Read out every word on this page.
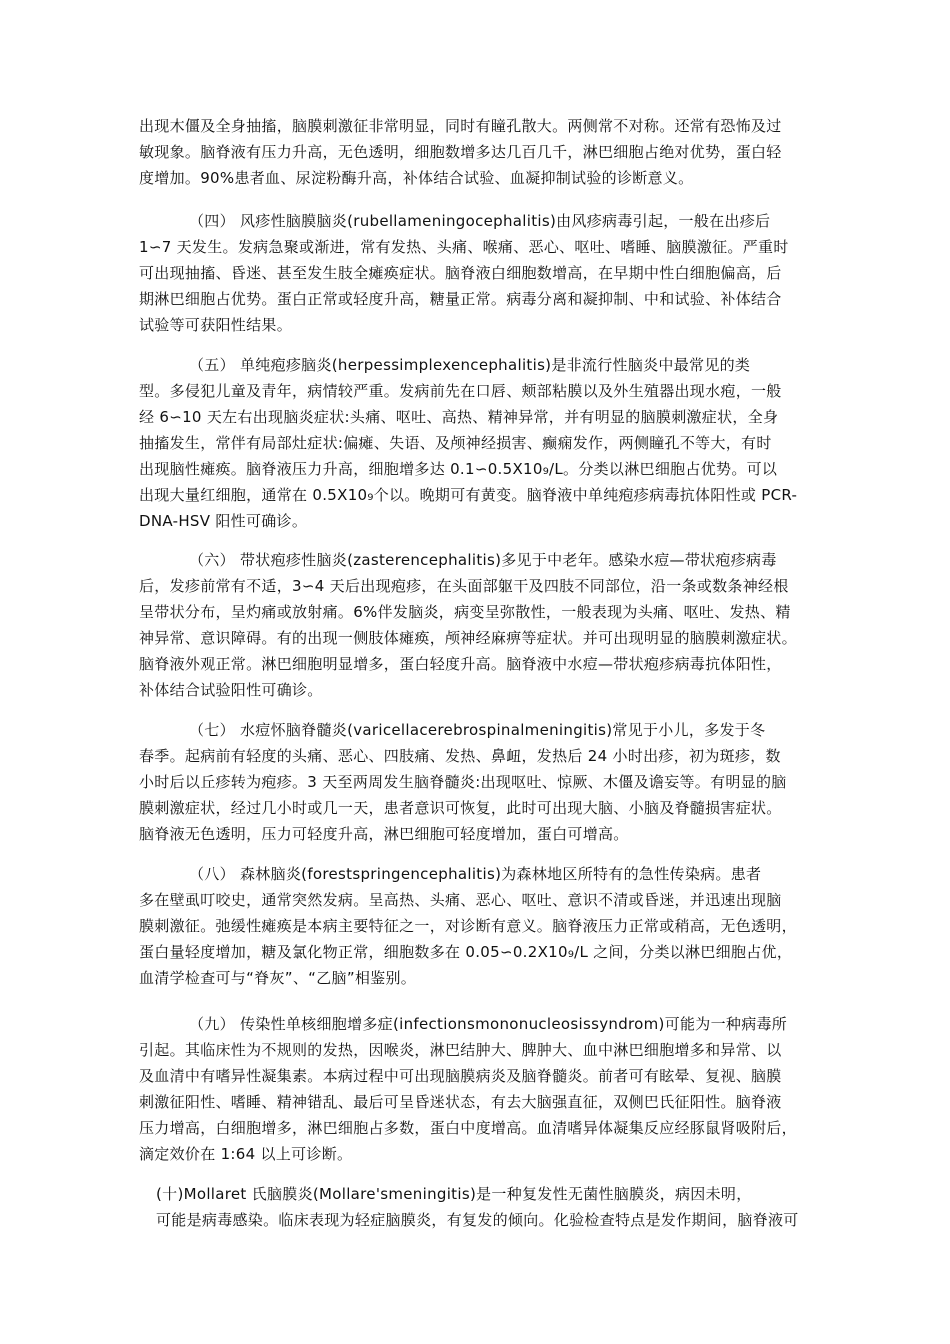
出现木僵及全身抽搐，脑膜刺激征非常明显，同时有瞳孔散大。两侧常不对称。还常有恐怖及过
敏现象。脑脊液有压力升高，无色透明，细胞数增多达几百几千，淋巴细胞占绝对优势，蛋白轻
度增加。90%患者血、尿淀粉酶升高，补体结合试验、血凝抑制试验的诊断意义。
（四） 风疹性脑膜脑炎(rubellameningocephalitis)由风疹病毒引起，一般在出疹后
1∽7 天发生。发病急聚或渐进，常有发热、头痛、喉痛、恶心、呕吐、嗜睡、脑膜激征。严重时
可出现抽搐、昏迷、甚至发生肢全瘫痪症状。脑脊液白细胞数增高，在早期中性白细胞偏高，后
期淋巴细胞占优势。蛋白正常或轻度升高，糖量正常。病毒分离和凝抑制、中和试验、补体结合
试验等可获阳性结果。
（五） 单纯疱疹脑炎(herpessimplexencephalitis)是非流行性脑炎中最常见的类
型。多侵犯儿童及青年，病情较严重。发病前先在口唇、颊部粘膜以及外生殖器出现水疱，一般
经 6∽10 天左右出现脑炎症状:头痛、呕吐、高热、精神异常，并有明显的脑膜刺激症状，全身
抽搐发生，常伴有局部灶症状:偏瘫、失语、及颅神经损害、癫痫发作，两侧瞳孔不等大，有时
出现脑性瘫痪。脑脊液压力升高，细胞增多达 0.1∽0.5X10₉/L。分类以淋巴细胞占优势。可以
出现大量红细胞，通常在 0.5X10₉个以。晚期可有黄变。脑脊液中单纯疱疹病毒抗体阳性或 PCR-
DNA-HSV 阳性可确诊。
（六） 带状疱疹性脑炎(zasterencephalitis)多见于中老年。感染水痘—带状疱疹病毒
后，发疹前常有不适，3∽4 天后出现疱疹，在头面部躯干及四肢不同部位，沿一条或数条神经根
呈带状分布，呈灼痛或放射痛。6%伴发脑炎，病变呈弥散性，一般表现为头痛、呕吐、发热、精
神异常、意识障碍。有的出现一侧肢体瘫痪，颅神经麻痹等症状。并可出现明显的脑膜刺激症状。
脑脊液外观正常。淋巴细胞明显增多，蛋白轻度升高。脑脊液中水痘—带状疱疹病毒抗体阳性，
补体结合试验阳性可确诊。
（七） 水痘怀脑脊髓炎(varicellacerebrospinalmeningitis)常见于小儿，多发于冬
春季。起病前有轻度的头痛、恶心、四肢痛、发热、鼻衄，发热后 24 小时出疹，初为斑疹，数
小时后以丘疹转为疱疹。3 天至两周发生脑脊髓炎:出现呕吐、惊厥、木僵及谵妄等。有明显的脑
膜刺激症状，经过几小时或几一天，患者意识可恢复，此时可出现大脑、小脑及脊髓损害症状。
脑脊液无色透明，压力可轻度升高，淋巴细胞可轻度增加，蛋白可增高。
（八） 森林脑炎(forestspringencephalitis)为森林地区所特有的急性传染病。患者
多在壁虱叮咬史，通常突然发病。呈高热、头痛、恶心、呕吐、意识不清或昏迷，并迅速出现脑
膜刺激征。弛缓性瘫痪是本病主要特征之一，对诊断有意义。脑脊液压力正常或稍高，无色透明，
蛋白量轻度增加，糖及氯化物正常，细胞数多在 0.05∽0.2X10₉/L 之间，分类以淋巴细胞占优，
血清学检查可与“脊灰”、“乙脑”相鉴别。
（九） 传染性单核细胞增多症(infectionsmononucleosissyndrom)可能为一种病毒所
引起。其临床性为不规则的发热，因喉炎，淋巴结肿大、脾肿大、血中淋巴细胞增多和异常、以
及血清中有嗜异性凝集素。本病过程中可出现脑膜病炎及脑脊髓炎。前者可有眩晕、复视、脑膜
刺激征阳性、嗜睡、精神错乱、最后可呈昏迷状态，有去大脑强直征，双侧巴氏征阳性。脑脊液
压力增高，白细胞增多，淋巴细胞占多数，蛋白中度增高。血清嗜异体凝集反应经豚鼠肾吸附后，
滴定效价在 1:64 以上可诊断。
(十)Mollaret 氏脑膜炎(Mollare'smeningitis)是一种复发性无菌性脑膜炎，病因未明，
可能是病毒感染。临床表现为轻症脑膜炎，有复发的倾向。化验检查特点是发作期间，脑脊液可
